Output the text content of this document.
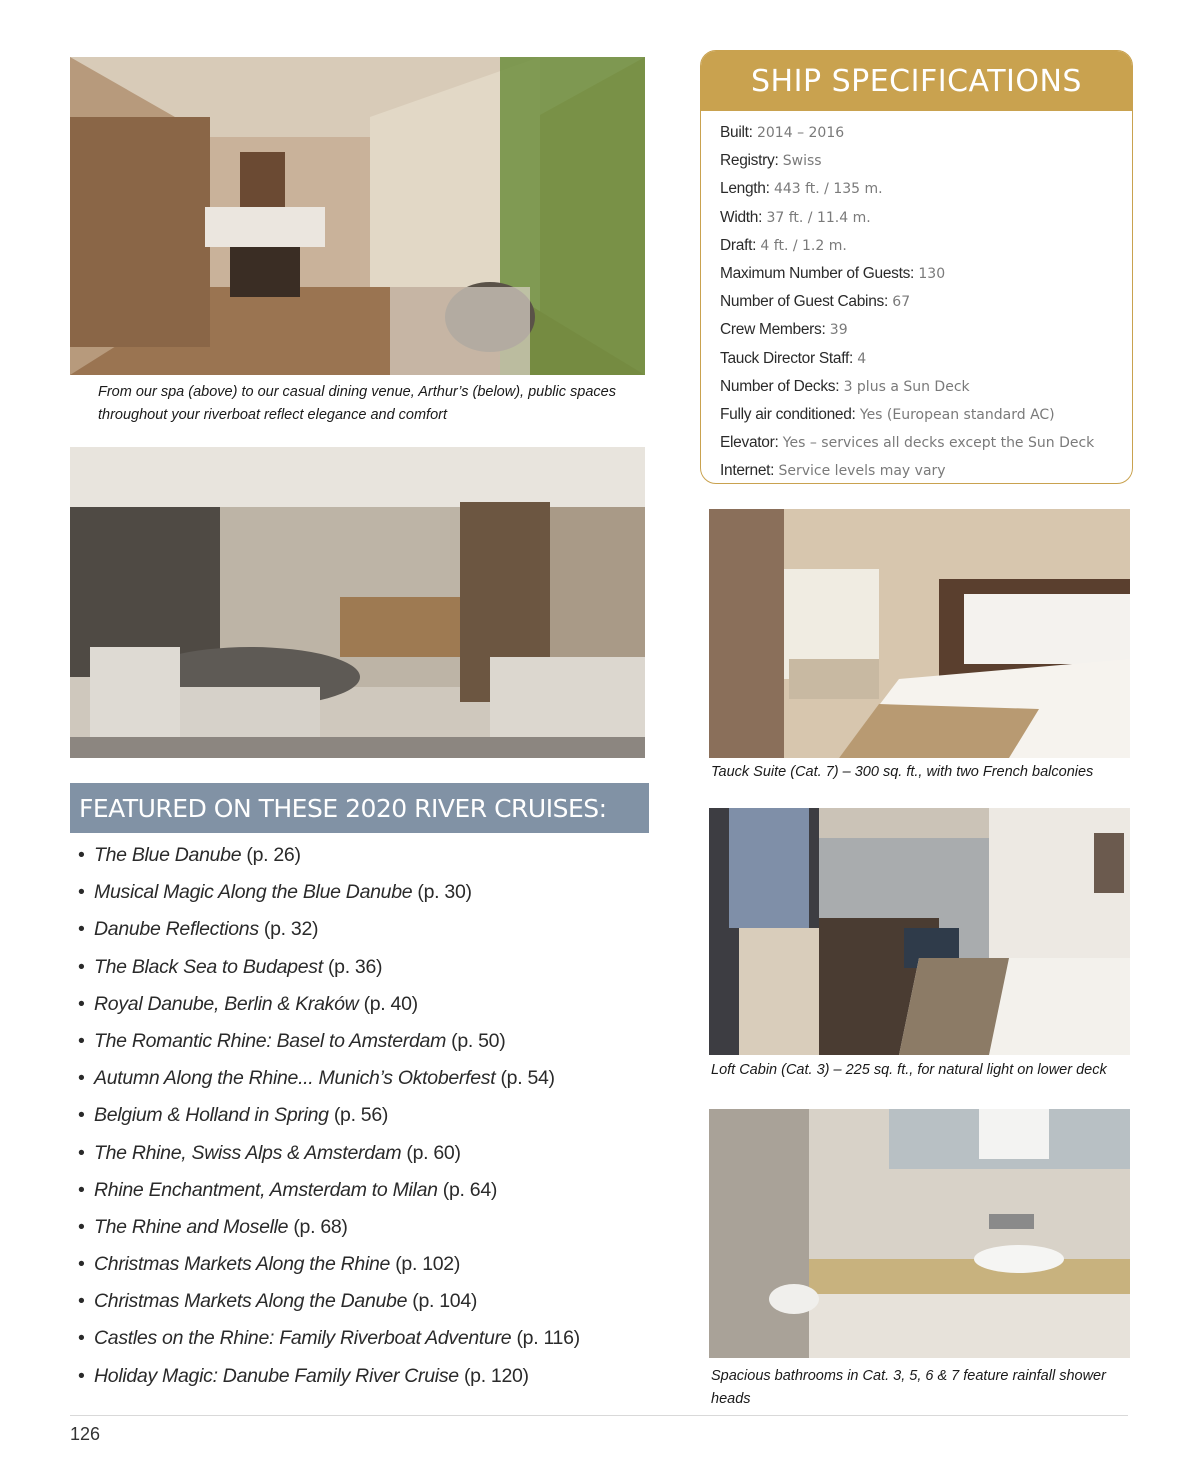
From our spa (above) to our casual dining venue, Arthur’s (below), public spaces
throughout your riverboat reflect elegance and comfort
SHIP SPECIFICATIONS
Built: 2014 – 2016
Registry: Swiss
Length: 443 ft. / 135 m.
Width: 37 ft. / 11.4 m.
Draft: 4 ft. / 1.2 m.
Maximum Number of Guests: 130
Number of Guest Cabins: 67
Crew Members: 39
Tauck Director Staff: 4
Number of Decks: 3 plus a Sun Deck
Fully air conditioned: Yes (European standard AC)
Elevator: Yes – services all decks except the Sun Deck
Internet: Service levels may vary
Tauck Suite (Cat. 7) – 300 sq. ft., with two French balconies
Loft Cabin (Cat. 3) – 225 sq. ft., for natural light on lower deck
Spacious bathrooms in Cat. 3, 5, 6 & 7 feature rainfall shower heads
FEATURED ON THESE 2020 RIVER CRUISES:
• The Blue Danube (p. 26)
• Musical Magic Along the Blue Danube (p. 30)
• Danube Reflections (p. 32)
• The Black Sea to Budapest (p. 36)
• Royal Danube, Berlin & Kraków (p. 40)
• The Romantic Rhine: Basel to Amsterdam (p. 50)
• Autumn Along the Rhine... Munich’s Oktoberfest (p. 54)
• Belgium & Holland in Spring (p. 56)
• The Rhine, Swiss Alps & Amsterdam (p. 60)
• Rhine Enchantment, Amsterdam to Milan (p. 64)
• The Rhine and Moselle (p. 68)
• Christmas Markets Along the Rhine (p. 102)
• Christmas Markets Along the Danube (p. 104)
• Castles on the Rhine: Family Riverboat Adventure (p. 116)
• Holiday Magic: Danube Family River Cruise (p. 120)
126
